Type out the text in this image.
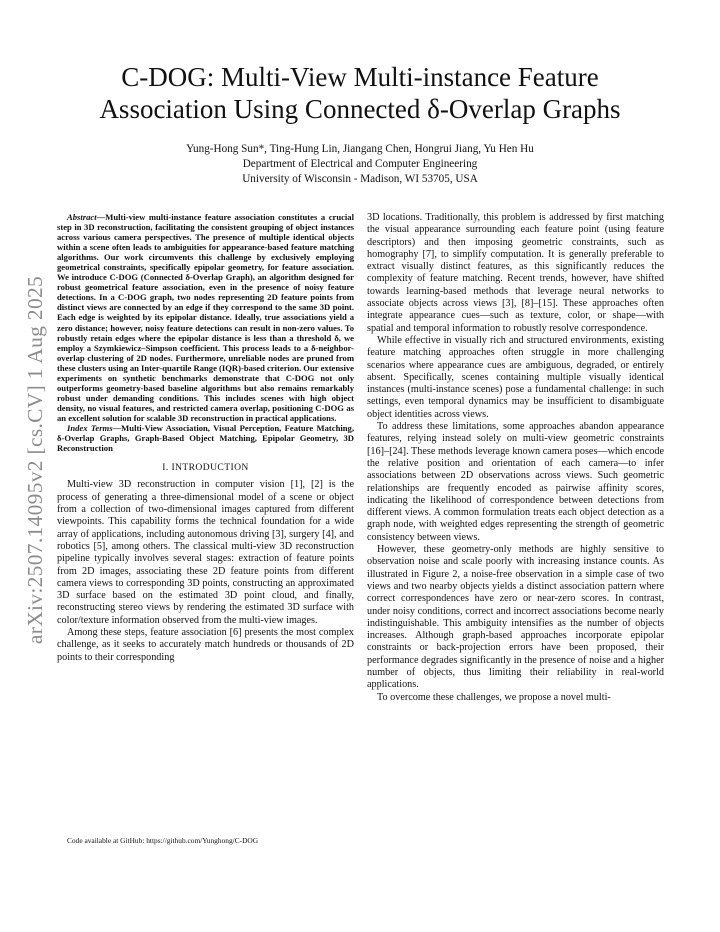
arXiv:2507.14095v2 [cs.CV] 1 Aug 2025
C-DOG: Multi-View Multi-instance Feature
Association Using Connected δ-Overlap Graphs
Yung-Hong Sun*, Ting-Hung Lin, Jiangang Chen, Hongrui Jiang, Yu Hen Hu
Department of Electrical and Computer Engineering
University of Wisconsin - Madison, WI 53705, USA

Abstract—Multi-view multi-instance feature association constitutes a crucial step in 3D reconstruction, facilitating the consistent grouping of object instances across various camera perspectives. The presence of multiple identical objects within a scene often leads to ambiguities for appearance-based feature matching algorithms. Our work circumvents this challenge by exclusively employing geometrical constraints, specifically epipolar geometry, for feature association. We introduce C-DOG (Connected δ-Overlap Graph), an algorithm designed for robust geometrical feature association, even in the presence of noisy feature detections. In a C-DOG graph, two nodes representing 2D feature points from distinct views are connected by an edge if they correspond to the same 3D point. Each edge is weighted by its epipolar distance. Ideally, true associations yield a zero distance; however, noisy feature detections can result in non-zero values. To robustly retain edges where the epipolar distance is less than a threshold δ, we employ a Szymkiewicz–Simpson coefficient. This process leads to a δ-neighbor-overlap clustering of 2D nodes. Furthermore, unreliable nodes are pruned from these clusters using an Inter-quartile Range (IQR)-based criterion. Our extensive experiments on synthetic benchmarks demonstrate that C-DOG not only outperforms geometry-based baseline algorithms but also remains remarkably robust under demanding conditions. This includes scenes with high object density, no visual features, and restricted camera overlap, positioning C-DOG as an excellent solution for scalable 3D reconstruction in practical applications.

Index Terms—Multi-View Association, Visual Perception, Feature Matching, δ-Overlap Graphs, Graph-Based Object Matching, Epipolar Geometry, 3D Reconstruction

I. INTRODUCTION

Multi-view 3D reconstruction in computer vision [1], [2] is the process of generating a three-dimensional model of a scene or object from a collection of two-dimensional images captured from different viewpoints. This capability forms the technical foundation for a wide array of applications, including autonomous driving [3], surgery [4], and robotics [5], among others. The classical multi-view 3D reconstruction pipeline typically involves several stages: extraction of feature points from 2D images, associating these 2D feature points from different camera views to corresponding 3D points, constructing an approximated 3D surface based on the estimated 3D point cloud, and finally, reconstructing stereo views by rendering the estimated 3D surface with color/texture information observed from the multi-view images.

Among these steps, feature association [6] presents the most complex challenge, as it seeks to accurately match hundreds or thousands of 2D points to their corresponding

Code available at GitHub: https://github.com/Yunghong/C-DOG

3D locations. Traditionally, this problem is addressed by first matching the visual appearance surrounding each feature point (using feature descriptors) and then imposing geometric constraints, such as homography [7], to simplify computation. It is generally preferable to extract visually distinct features, as this significantly reduces the complexity of feature matching. Recent trends, however, have shifted towards learning-based methods that leverage neural networks to associate objects across views [3], [8]–[15]. These approaches often integrate appearance cues—such as texture, color, or shape—with spatial and temporal information to robustly resolve correspondence.

While effective in visually rich and structured environments, existing feature matching approaches often struggle in more challenging scenarios where appearance cues are ambiguous, degraded, or entirely absent. Specifically, scenes containing multiple visually identical instances (multi-instance scenes) pose a fundamental challenge: in such settings, even temporal dynamics may be insufficient to disambiguate object identities across views.

To address these limitations, some approaches abandon appearance features, relying instead solely on multi-view geometric constraints [16]–[24]. These methods leverage known camera poses—which encode the relative position and orientation of each camera—to infer associations between 2D observations across views. Such geometric relationships are frequently encoded as pairwise affinity scores, indicating the likelihood of correspondence between detections from different views. A common formulation treats each object detection as a graph node, with weighted edges representing the strength of geometric consistency between views.

However, these geometry-only methods are highly sensitive to observation noise and scale poorly with increasing instance counts. As illustrated in Figure 2, a noise-free observation in a simple case of two views and two nearby objects yields a distinct association pattern where correct correspondences have zero or near-zero scores. In contrast, under noisy conditions, correct and incorrect associations become nearly indistinguishable. This ambiguity intensifies as the number of objects increases. Although graph-based approaches incorporate epipolar constraints or back-projection errors have been proposed, their performance degrades significantly in the presence of noise and a higher number of objects, thus limiting their reliability in real-world applications.

To overcome these challenges, we propose a novel multi-
